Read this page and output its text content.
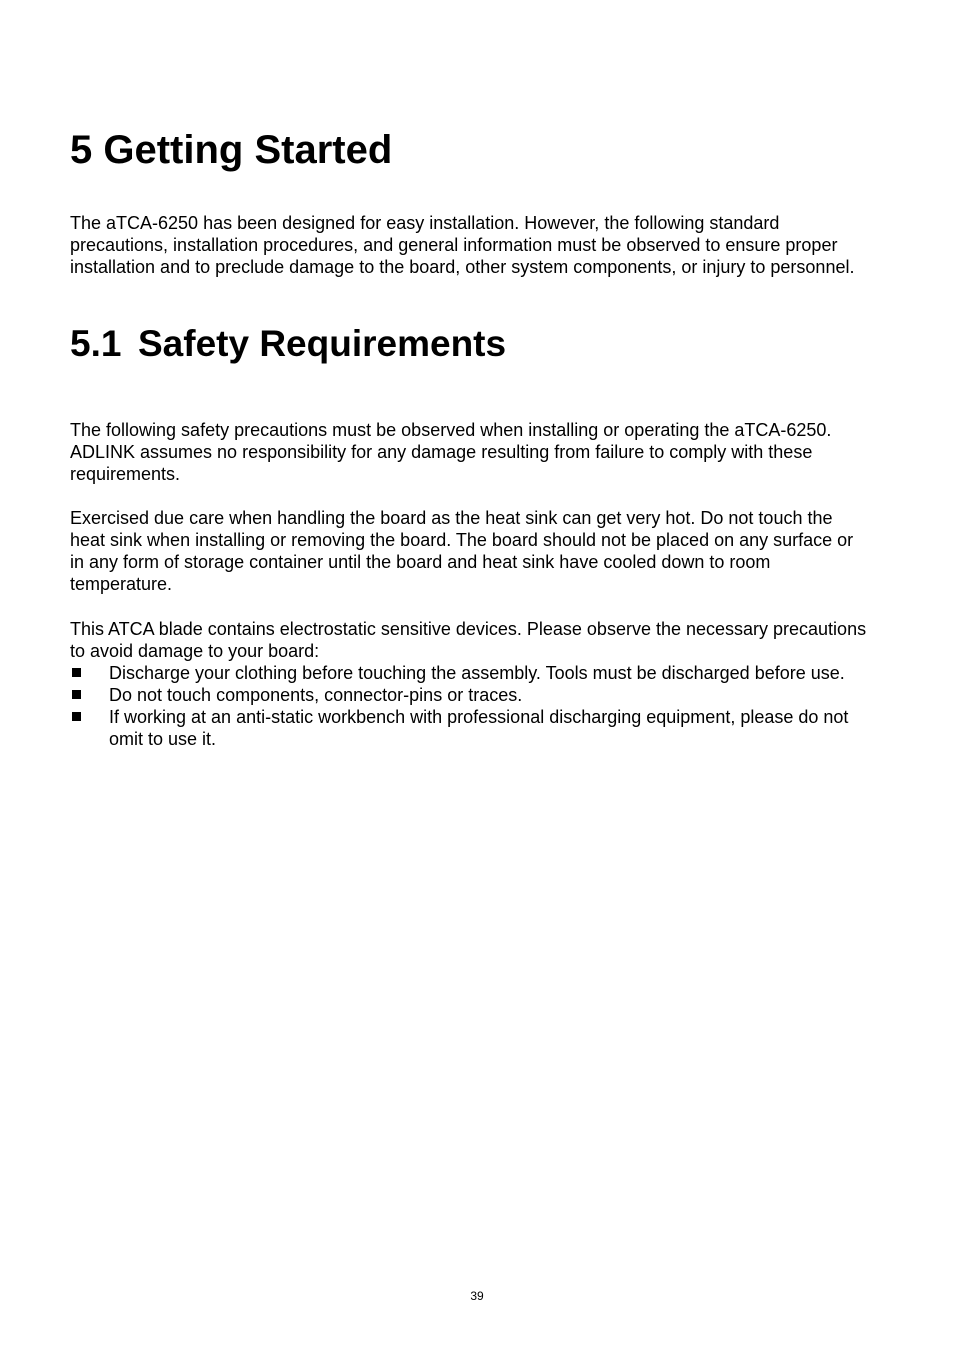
5 Getting Started

The aTCA-6250 has been designed for easy installation. However, the following standard precautions, installation procedures, and general information must be observed to ensure proper installation and to preclude damage to the board, other system components, or injury to personnel.

5.1 Safety Requirements

The following safety precautions must be observed when installing or operating the aTCA-6250. ADLINK assumes no responsibility for any damage resulting from failure to comply with these requirements.

Exercised due care when handling the board as the heat sink can get very hot. Do not touch the heat sink when installing or removing the board. The board should not be placed on any surface or in any form of storage container until the board and heat sink have cooled down to room temperature.

This ATCA blade contains electrostatic sensitive devices. Please observe the necessary precautions to avoid damage to your board:

Discharge your clothing before touching the assembly. Tools must be discharged before use.
Do not touch components, connector-pins or traces.
If working at an anti-static workbench with professional discharging equipment, please do not omit to use it.
39
